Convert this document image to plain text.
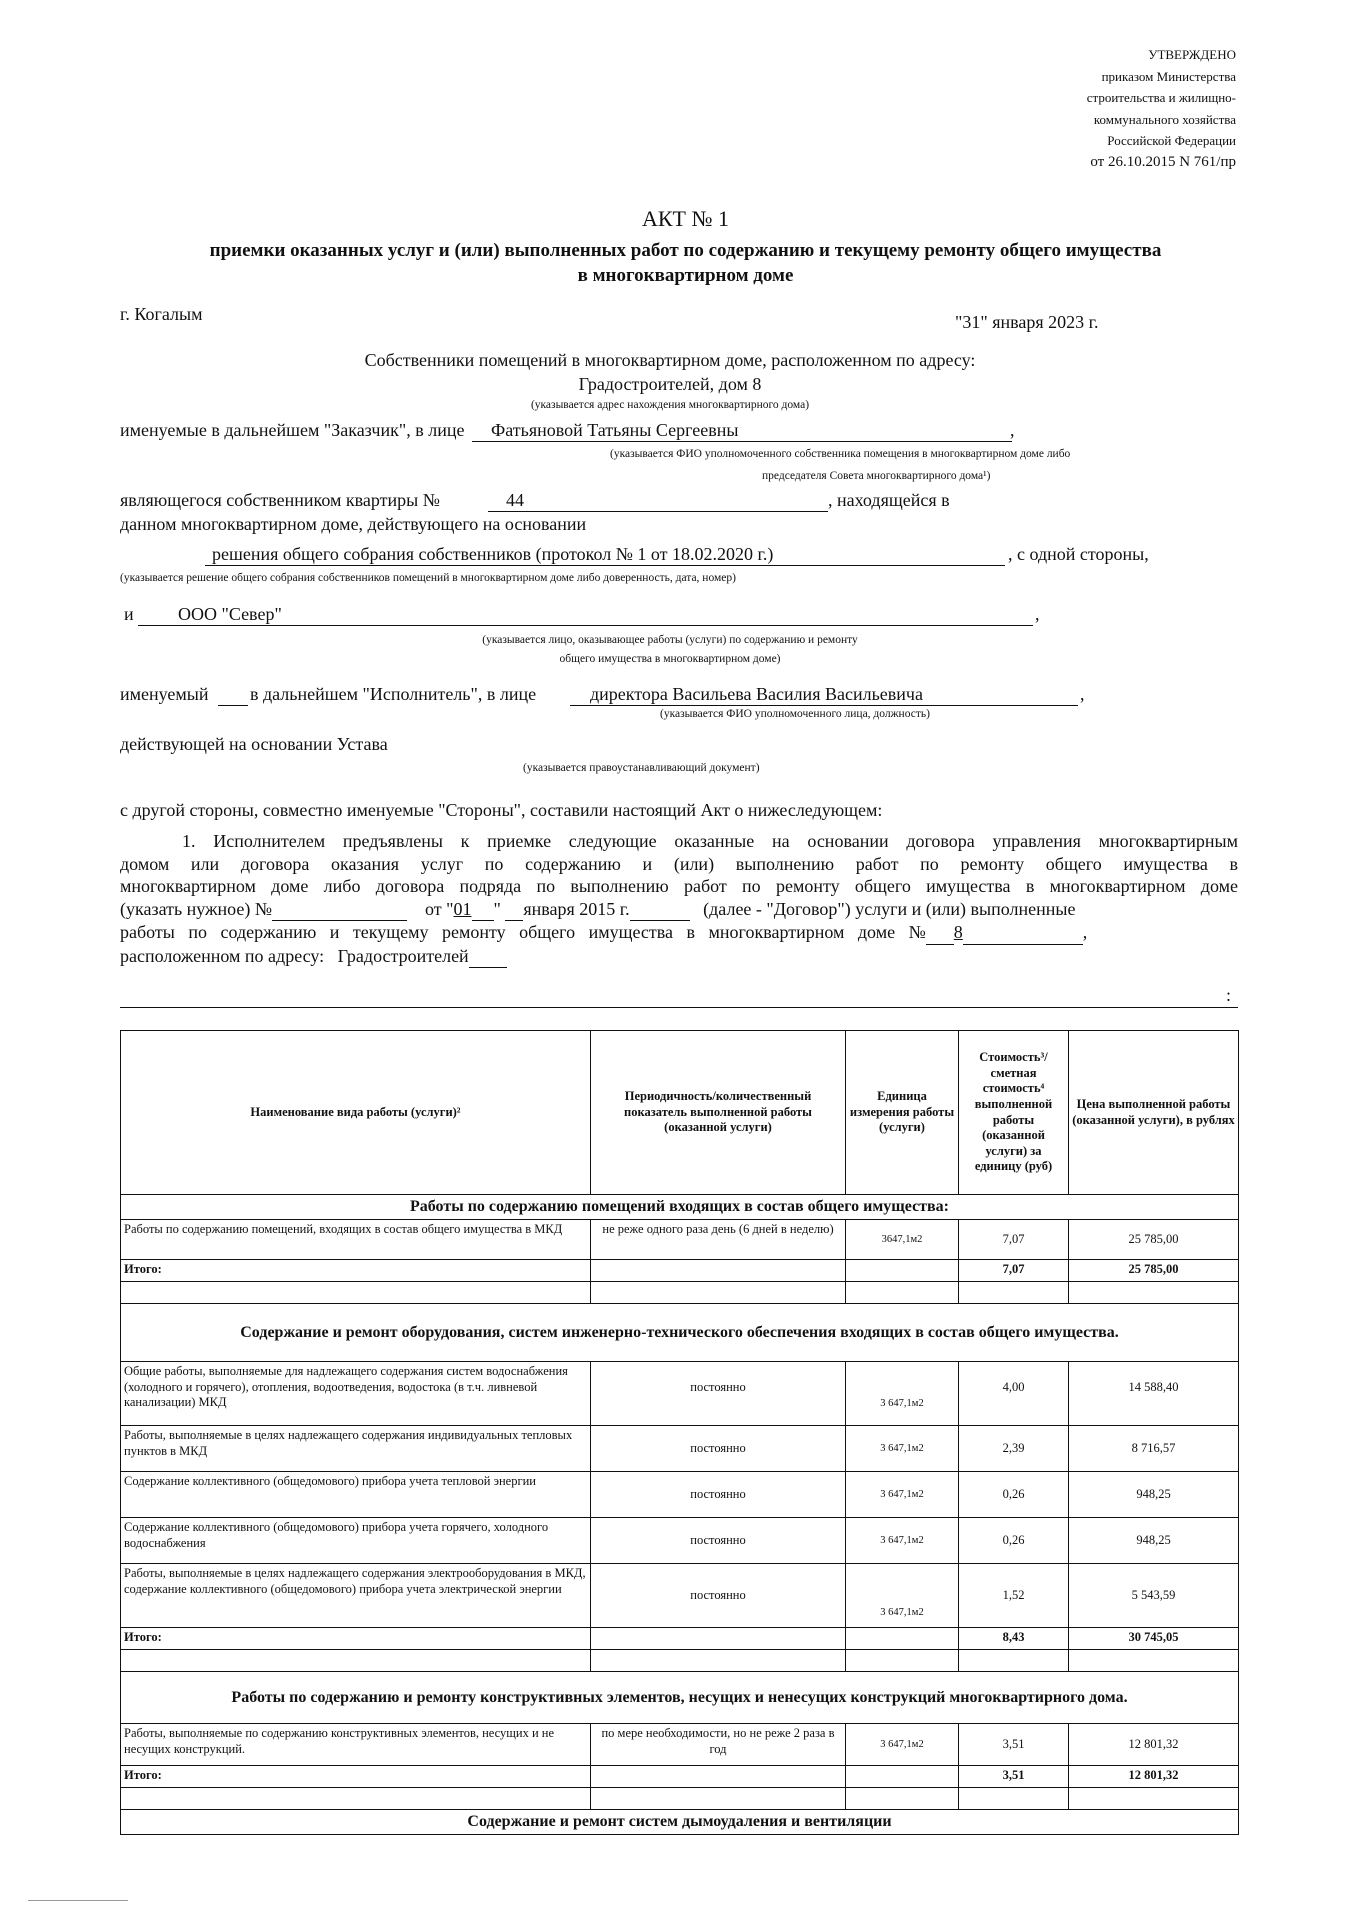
УТВЕРЖДЕНО
приказом Министерства
строительства и жилищно-
коммунального хозяйства
Российской Федерации
от 26.10.2015 N 761/пр
АКТ № 1
приемки оказанных услуг и (или) выполненных работ по содержанию и текущему ремонту общего имущества
в многоквартирном доме
г. Когалым	"31" января 2023 г.
Собственники помещений в многоквартирном доме, расположенном по адресу:
Градостроителей, дом 8
(указывается адрес нахождения многоквартирного дома)
именуемые в дальнейшем "Заказчик", в лице Фатьяновой Татьяны Сергеевны	,
(указывается ФИО уполномоченного собственника помещения в многоквартирном доме либо
председателя Совета многоквартирного дома¹)
являющегося собственником квартиры №	44	, находящейся в
данном многоквартирном доме, действующего на основании
решения общего собрания собственников (протокол № 1 от 18.02.2020 г.)	, с одной стороны,
(указывается решение общего собрания собственников помещений в многоквартирном доме либо доверенность, дата, номер)
и ООО "Север"	,
(указывается лицо, оказывающее работы (услуги) по содержанию и ремонту
общего имущества в многоквартирном доме)
именуемый в дальнейшем "Исполнитель", в лице	директора Васильева Василия Васильевича	,
(указывается ФИО уполномоченного лица, должность)
действующей на основании Устава
(указывается правоустанавливающий документ)
с другой стороны, совместно именуемые "Стороны", составили настоящий Акт о нижеследующем:
1. Исполнителем предъявлены к приемке следующие оказанные на основании договора управления многоквартирным
домом или договора оказания услуг по содержанию и (или) выполнению работ по ремонту общего имущества в
многоквартирном доме либо договора подряда по выполнению работ по ремонту общего имущества в многоквартирном доме
(указать нужное) №	от "01 " января 2015 г.	(далее - "Договор") услуги и (или) выполненные
работы по содержанию и текущему ремонту общего имущества в многоквартирном доме № 8	,
расположенном по адресу: Градостроителей
:
Наименование вида работы (услуги)²	Периодичность/количественный показатель выполненной работы (оказанной услуги)	Единица измерения работы (услуги)	Стоимость³/сметная стоимость⁴ выполненной работы (оказанной услуги) за единицу (руб)	Цена выполненной работы (оказанной услуги), в рублях
Работы по содержанию помещений входящих в состав общего имущества:				
Работы по содержанию помещений, входящих в состав общего имущества в МКД	не реже одного раза день (6 дней в неделю)	3647,1м2	7,07	25 785,00
Итого:			7,07	25 785,00

Содержание и ремонт оборудования, систем инженерно-технического обеспечения входящих в состав общего имущества.				
Общие работы, выполняемые для надлежащего содержания систем водоснабжения (холодного и горячего), отопления, водоотведения, водостока (в т.ч. ливневой канализации) МКД	постоянно	3 647,1м2	4,00	14 588,40
Работы, выполняемые в целях надлежащего содержания индивидуальных тепловых пунктов в МКД	постоянно	3 647,1м2	2,39	8 716,57
Содержание коллективного (общедомового) прибора учета тепловой энергии	постоянно	3 647,1м2	0,26	948,25
Содержание коллективного (общедомового) прибора учета горячего, холодного водоснабжения	постоянно	3 647,1м2	0,26	948,25
Работы, выполняемые в целях надлежащего содержания электрооборудования в МКД, содержание коллективного (общедомового) прибора учета электрической энергии	постоянно	3 647,1м2	1,52	5 543,59
Итого:			8,43	30 745,05

Работы по содержанию и ремонту конструктивных элементов, несущих и ненесущих конструкций многоквартирного дома.				
Работы, выполняемые по содержанию конструктивных элементов, несущих и не несущих конструкций.	по мере необходимости, но не реже 2 раза в год	3 647,1м2	3,51	12 801,32
Итого:			3,51	12 801,32

Содержание и ремонт систем дымоудаления и вентиляции				
